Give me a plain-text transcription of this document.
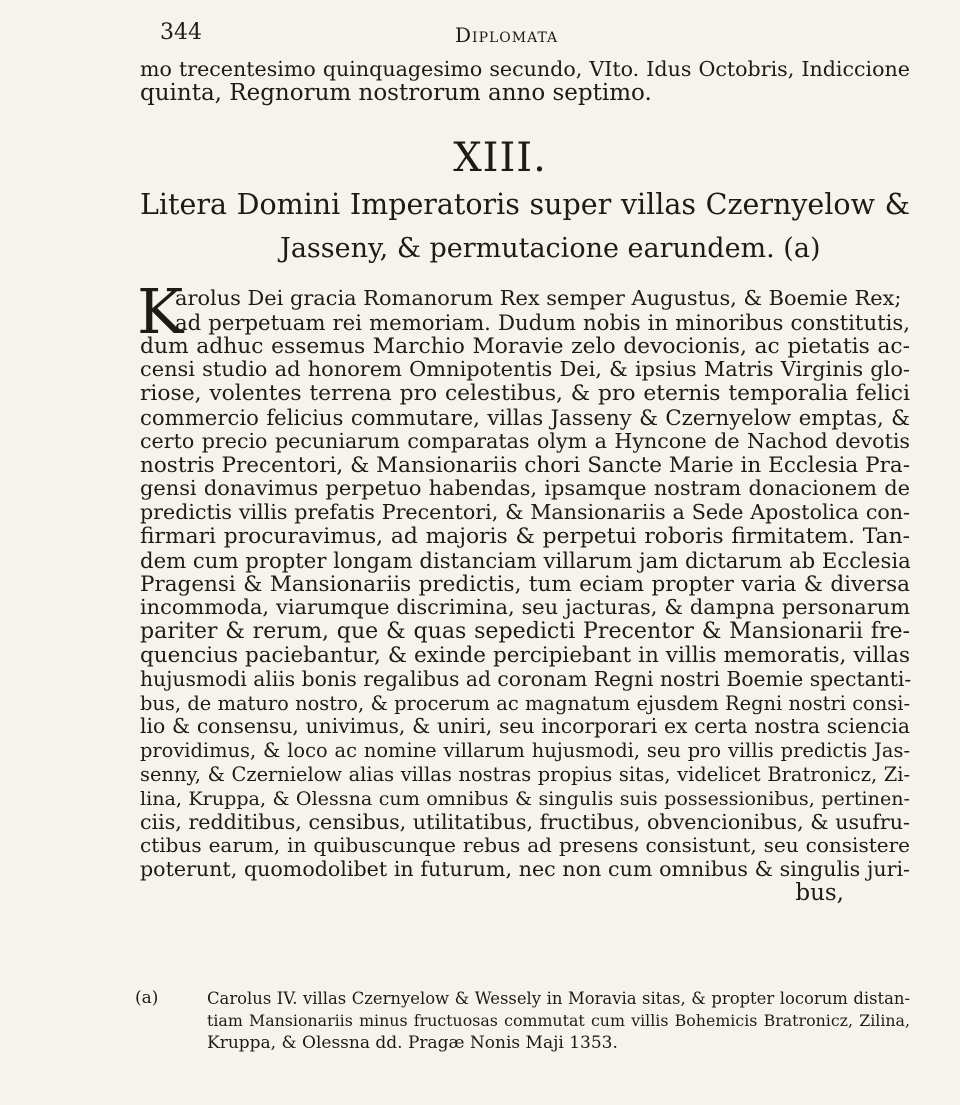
344	Diplomata
mo trecentesimo quinquagesimo secundo, VIto. Idus Octobris, Indiccione
quinta, Regnorum nostrorum anno septimo.
XIII.
Litera Domini Imperatoris super villas Czernyelow &
Jasseny, & permutacione earundem. (a)
K
arolus Dei gracia Romanorum Rex semper Augustus, & Boemie Rex;
ad perpetuam rei memoriam. Dudum nobis in minoribus constitutis,
dum adhuc essemus Marchio Moravie zelo devocionis, ac pietatis ac-
censi studio ad honorem Omnipotentis Dei, & ipsius Matris Virginis glo-
riose, volentes terrena pro celestibus, & pro eternis temporalia felici
commercio felicius commutare, villas Jasseny & Czernyelow emptas, &
certo precio pecuniarum comparatas olym a Hyncone de Nachod devotis
nostris Precentori, & Mansionariis chori Sancte Marie in Ecclesia Pra-
gensi donavimus perpetuo habendas, ipsamque nostram donacionem de
predictis villis prefatis Precentori, & Mansionariis a Sede Apostolica con-
firmari procuravimus, ad majoris & perpetui roboris firmitatem. Tan-
dem cum propter longam distanciam villarum jam dictarum ab Ecclesia
Pragensi & Mansionariis predictis, tum eciam propter varia & diversa
incommoda, viarumque discrimina, seu jacturas, & dampna personarum
pariter & rerum, que & quas sepedicti Precentor & Mansionarii fre-
quencius paciebantur, & exinde percipiebant in villis memoratis, villas
hujusmodi aliis bonis regalibus ad coronam Regni nostri Boemie spectanti-
bus, de maturo nostro, & procerum ac magnatum ejusdem Regni nostri consi-
lio & consensu, univimus, & uniri, seu incorporari ex certa nostra sciencia
providimus, & loco ac nomine villarum hujusmodi, seu pro villis predictis Jas-
senny, & Czernielow alias villas nostras propius sitas, videlicet Bratronicz, Zi-
lina, Kruppa, & Olessna cum omnibus & singulis suis possessionibus, pertinen-
ciis, redditibus, censibus, utilitatibus, fructibus, obvencionibus, & usufru-
ctibus earum, in quibuscunque rebus ad presens consistunt, seu consistere
poterunt, quomodolibet in futurum, nec non cum omnibus & singulis juri-
bus,
(a)	Carolus IV. villas Czernyelow & Wessely in Moravia sitas, & propter locorum distan-
tiam Mansionariis minus fructuosas commutat cum villis Bohemicis Bratronicz, Zilina,
Kruppa, & Olessna dd. Pragæ Nonis Maji 1353.
